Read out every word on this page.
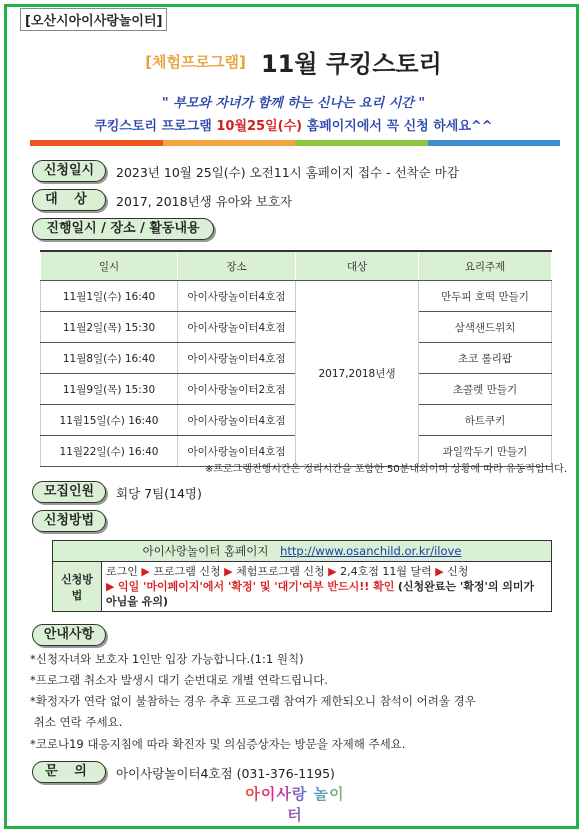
[오산시아이사랑놀이터]
[체험프로그램] 11월 쿠킹스토리
" 부모와 자녀가 함께 하는 신나는 요리 시간 "
쿠킹스토리 프로그램 10월25일(수) 홈페이지에서 꼭 신청 하세요^^
신청일시	2023년 10월 25일(수) 오전11시 홈페이지 접수 - 선착순 마감
대 상	2017, 2018년생 유아와 보호자
진행일시 / 장소 / 활동내용
일시	장소	대상	요리주제
11월1일(수) 16:40	아이사랑놀이터4호점	2017,2018년생	만두피 호떡 만들기
11월2일(목) 15:30	아이사랑놀이터4호점		삼색샌드위치
11월8일(수) 16:40	아이사랑놀이터4호점		초코 롤리팝
11월9일(목) 15:30	아이사랑놀이터2호점		초콜렛 만들기
11월15일(수) 16:40	아이사랑놀이터4호점		하트쿠키
11월22일(수) 16:40	아이사랑놀이터4호점		과일깍두기 만들기
※프로그램진행시간은 정리시간을 포함한 50분내외이며 상황에 따라 유동적입니다.
모집인원	회당 7팀(14명)
신청방법
아이사랑놀이터 홈페이지 http://www.osanchild.or.kr/ilove
신청방법	로그인 ▶ 프로그램 신청 ▶ 체험프로그램 신청 ▶ 2,4호점 11월 달력 ▶ 신청
▶ 익일 '마이페이지'에서 '확정' 및 '대기'여부 반드시!! 확인 (신청완료는 '확정'의 의미가 아님을 유의)
안내사항
*신청자녀와 보호자 1인만 입장 가능합니다.(1:1 원칙)
*프로그램 취소자 발생시 대기 순번대로 개별 연락드립니다.
*확정자가 연락 없이 불참하는 경우 추후 프로그램 참여가 제한되오니 참석이 어려울 경우
취소 연락 주세요.
*코로나19 대응지침에 따라 확진자 및 의심증상자는 방문을 자제해 주세요.
문 의	아이사랑놀이터4호점 (031-376-1195)
아이사랑 놀이터
